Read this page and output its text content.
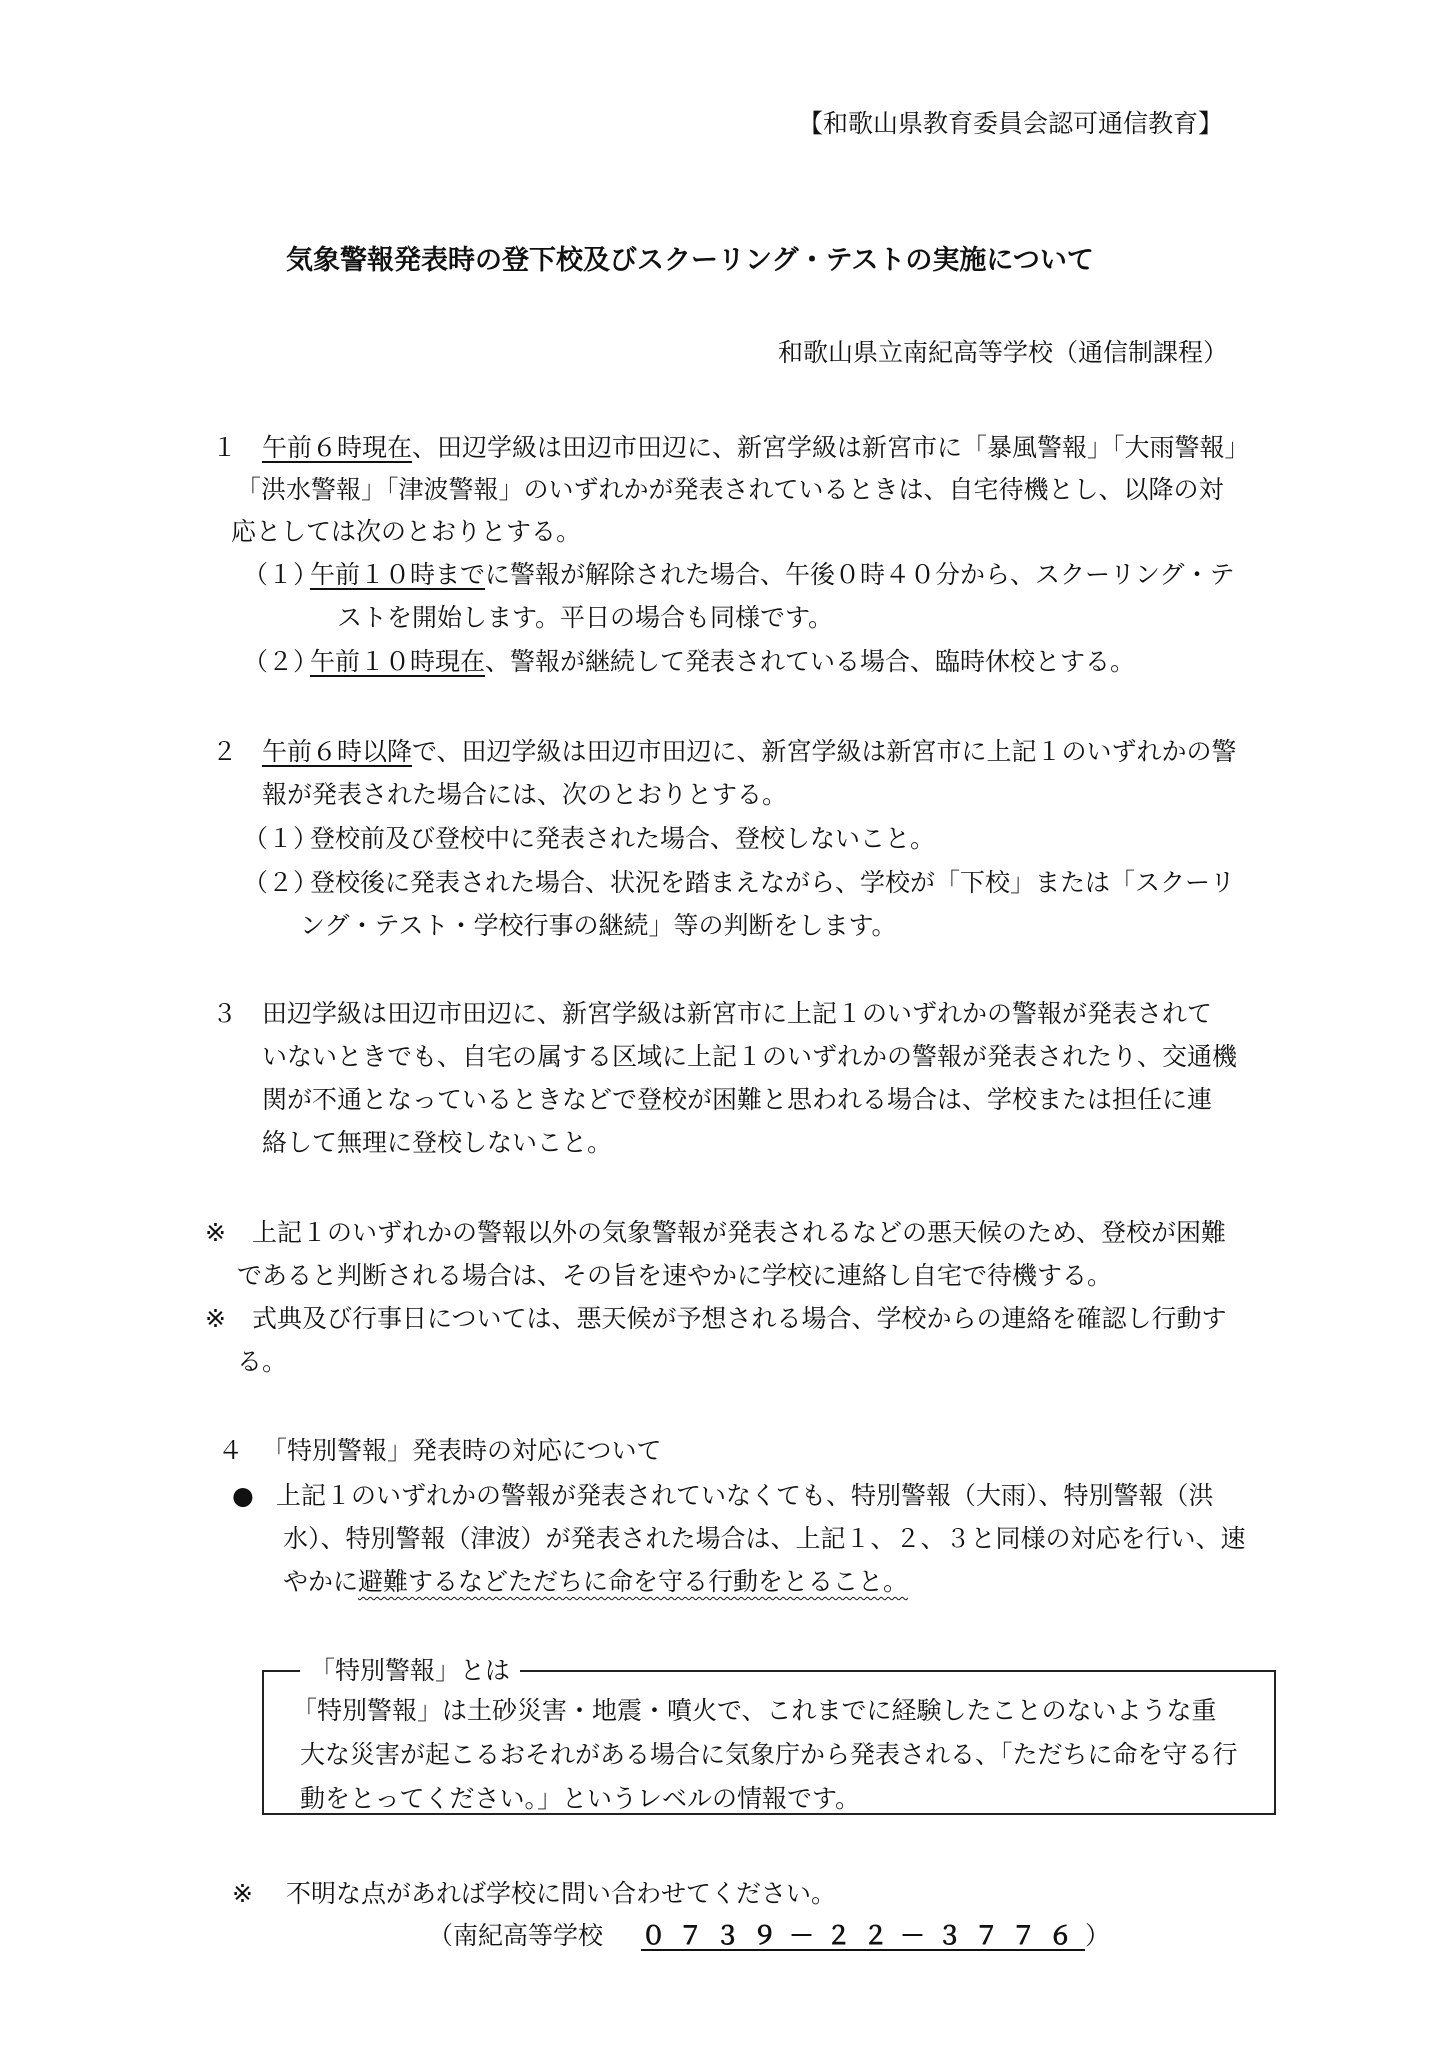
【和歌山県教育委員会認可通信教育】
気象警報発表時の登下校及びスクーリング・テストの実施について
和歌山県立南紀高等学校（通信制課程）
１ 午前６時現在、田辺学級は田辺市田辺に、新宮学級は新宮市に「暴風警報」「大雨警報」
「洪水警報」「津波警報」のいずれかが発表されているときは、自宅待機とし、以降の対
応としては次のとおりとする。
（１）
午前１０時までに警報が解除された場合、午後０時４０分から、スクーリング・テ
ストを開始します。平日の場合も同様です。
（２）
午前１０時現在、警報が継続して発表されている場合、臨時休校とする。
２ 午前６時以降で、田辺学級は田辺市田辺に、新宮学級は新宮市に上記１のいずれかの警
報が発表された場合には、次のとおりとする。
（１）
登校前及び登校中に発表された場合、登校しないこと。
（２）
登校後に発表された場合、状況を踏まえながら、学校が「下校」または「スクーリ
ング・テスト・学校行事の継続」等の判断をします。
３ 田辺学級は田辺市田辺に、新宮学級は新宮市に上記１のいずれかの警報が発表されて
いないときでも、自宅の属する区域に上記１のいずれかの警報が発表されたり、交通機
関が不通となっているときなどで登校が困難と思われる場合は、学校または担任に連
絡して無理に登校しないこと。
※ 上記１のいずれかの警報以外の気象警報が発表されるなどの悪天候のため、登校が困難
であると判断される場合は、その旨を速やかに学校に連絡し自宅で待機する。
※ 式典及び行事日については、悪天候が予想される場合、学校からの連絡を確認し行動す
る。
４ 「特別警報」発表時の対応について
● 上記１のいずれかの警報が発表されていなくても、特別警報（大雨）、特別警報（洪
水）、特別警報（津波）が発表された場合は、上記１、２、３と同様の対応を行い、速
やかに避難するなどただちに命を守る行動をとること。
「特別警報」とは
「特別警報」は土砂災害・地震・噴火で、これまでに経験したことのないような重
大な災害が起こるおそれがある場合に気象庁から発表される、「ただちに命を守る行
動をとってください。」というレベルの情報です。
※ 不明な点があれば学校に問い合わせてください。
（南紀高等学校 ０７３９－２２－３７７６）
